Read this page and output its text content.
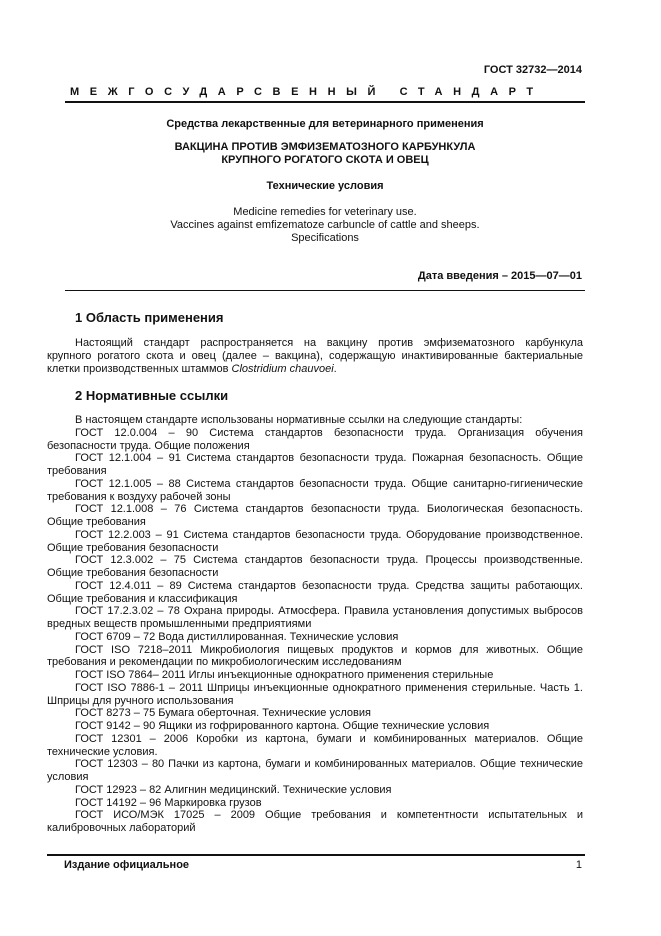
ГОСТ 32732—2014
МЕЖГОСУДАРСВЕННЫЙ СТАНДАРТ
Средства лекарственные для ветеринарного применения
ВАКЦИНА ПРОТИВ ЭМФИЗЕМАТОЗНОГО КАРБУНКУЛА
КРУПНОГО РОГАТОГО СКОТА И ОВЕЦ
Технические условия
Medicine remedies for veterinary use.
Vaccines against emfizematoze carbuncle of cattle and sheeps.
Specifications
Дата введения – 2015—07—01
1 Область применения
Настоящий стандарт распространяется на вакцину против эмфизематозного карбункула
крупного рогатого скота и овец (далее – вакцина), содержащую инактивированные бактериальные
клетки производственных штаммов Clostridium chauvoei.
2 Нормативные ссылки
В настоящем стандарте использованы нормативные ссылки на следующие стандарты:
ГОСТ 12.0.004 – 90 Система стандартов безопасности труда. Организация обучения
безопасности труда. Общие положения
ГОСТ 12.1.004 – 91 Система стандартов безопасности труда. Пожарная безопасность. Общие
требования
ГОСТ 12.1.005 – 88 Система стандартов безопасности труда. Общие санитарно-гигиенические
требования к воздуху рабочей зоны
ГОСТ 12.1.008 – 76 Система стандартов безопасности труда. Биологическая безопасность.
Общие требования
ГОСТ 12.2.003 – 91 Система стандартов безопасности труда. Оборудование производственное.
Общие требования безопасности
ГОСТ 12.3.002 – 75 Система стандартов безопасности труда. Процессы производственные.
Общие требования безопасности
ГОСТ 12.4.011 – 89 Система стандартов безопасности труда. Средства защиты работающих.
Общие требования и классификация
ГОСТ 17.2.3.02 – 78 Охрана природы. Атмосфера. Правила установления допустимых выбросов
вредных веществ промышленными предприятиями
ГОСТ 6709 – 72 Вода дистиллированная. Технические условия
ГОСТ ISO 7218–2011 Микробиология пищевых продуктов и кормов для животных. Общие
требования и рекомендации по микробиологическим исследованиям
ГОСТ ISO 7864– 2011 Иглы инъекционные однократного применения стерильные
ГОСТ ISO 7886-1 – 2011 Шприцы инъекционные однократного применения стерильные. Часть 1.
Шприцы для ручного использования
ГОСТ 8273 – 75 Бумага оберточная. Технические условия
ГОСТ 9142 – 90 Ящики из гофрированного картона. Общие технические условия
ГОСТ 12301 – 2006 Коробки из картона, бумаги и комбинированных материалов. Общие
технические условия.
ГОСТ 12303 – 80 Пачки из картона, бумаги и комбинированных материалов. Общие технические
условия
ГОСТ 12923 – 82 Алигнин медицинский. Технические условия
ГОСТ 14192 – 96 Маркировка грузов
ГОСТ ИСО/МЭК 17025 – 2009 Общие требования и компетентности испытательных и
калибровочных лабораторий
Издание официальное	1
